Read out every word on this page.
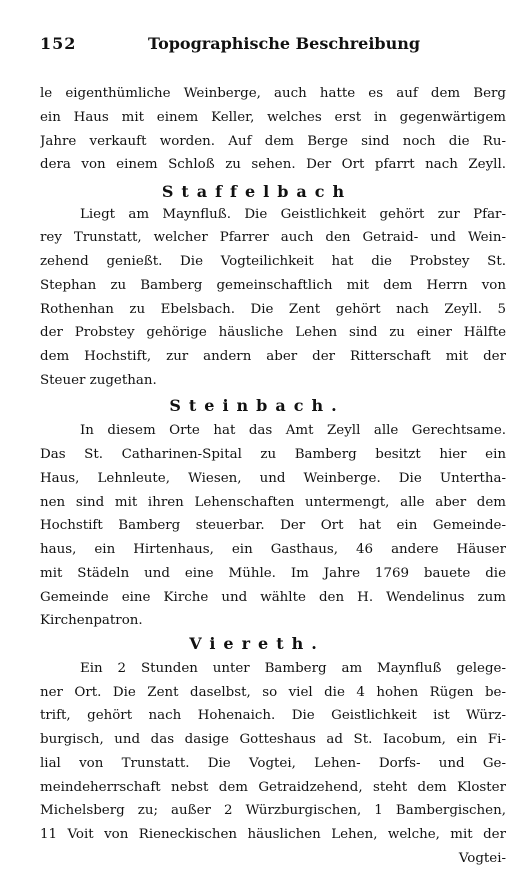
152	Topographische Beschreibung
le eigenthümliche Weinberge, auch hatte es auf dem Berg
ein Haus mit einem Keller, welches erst in gegenwärtigem
Jahre verkauft worden. Auf dem Berge sind noch die Ru-
dera von einem Schloß zu sehen. Der Ort pfarrt nach Zeyll.
Staffelbach
Liegt am Maynfluß. Die Geistlichkeit gehört zur Pfar-
rey Trunstatt, welcher Pfarrer auch den Getraid- und Wein-
zehend genießt. Die Vogteilichkeit hat die Probstey St.
Stephan zu Bamberg gemeinschaftlich mit dem Herrn von
Rothenhan zu Ebelsbach. Die Zent gehört nach Zeyll. 5
der Probstey gehörige häusliche Lehen sind zu einer Hälfte
dem Hochstift, zur andern aber der Ritterschaft mit der
Steuer zugethan.
Steinbach.
In diesem Orte hat das Amt Zeyll alle Gerechtsame.
Das St. Catharinen-Spital zu Bamberg besitzt hier ein
Haus, Lehnleute, Wiesen, und Weinberge. Die Untertha-
nen sind mit ihren Lehenschaften untermengt, alle aber dem
Hochstift Bamberg steuerbar. Der Ort hat ein Gemeinde-
haus, ein Hirtenhaus, ein Gasthaus, 46 andere Häuser
mit Städeln und eine Mühle. Im Jahre 1769 bauete die
Gemeinde eine Kirche und wählte den H. Wendelinus zum
Kirchenpatron.
Viereth.
Ein 2 Stunden unter Bamberg am Maynfluß gelege-
ner Ort. Die Zent daselbst, so viel die 4 hohen Rügen be-
trift, gehört nach Hohenaich. Die Geistlichkeit ist Würz-
burgisch, und das dasige Gotteshaus ad St. Iacobum, ein Fi-
lial von Trunstatt. Die Vogtei, Lehen- Dorfs- und Ge-
meindeherrschaft nebst dem Getraidzehend, steht dem Kloster
Michelsberg zu; außer 2 Würzburgischen, 1 Bambergischen,
11 Voit von Rieneckischen häuslichen Lehen, welche, mit der
Vogtei-
